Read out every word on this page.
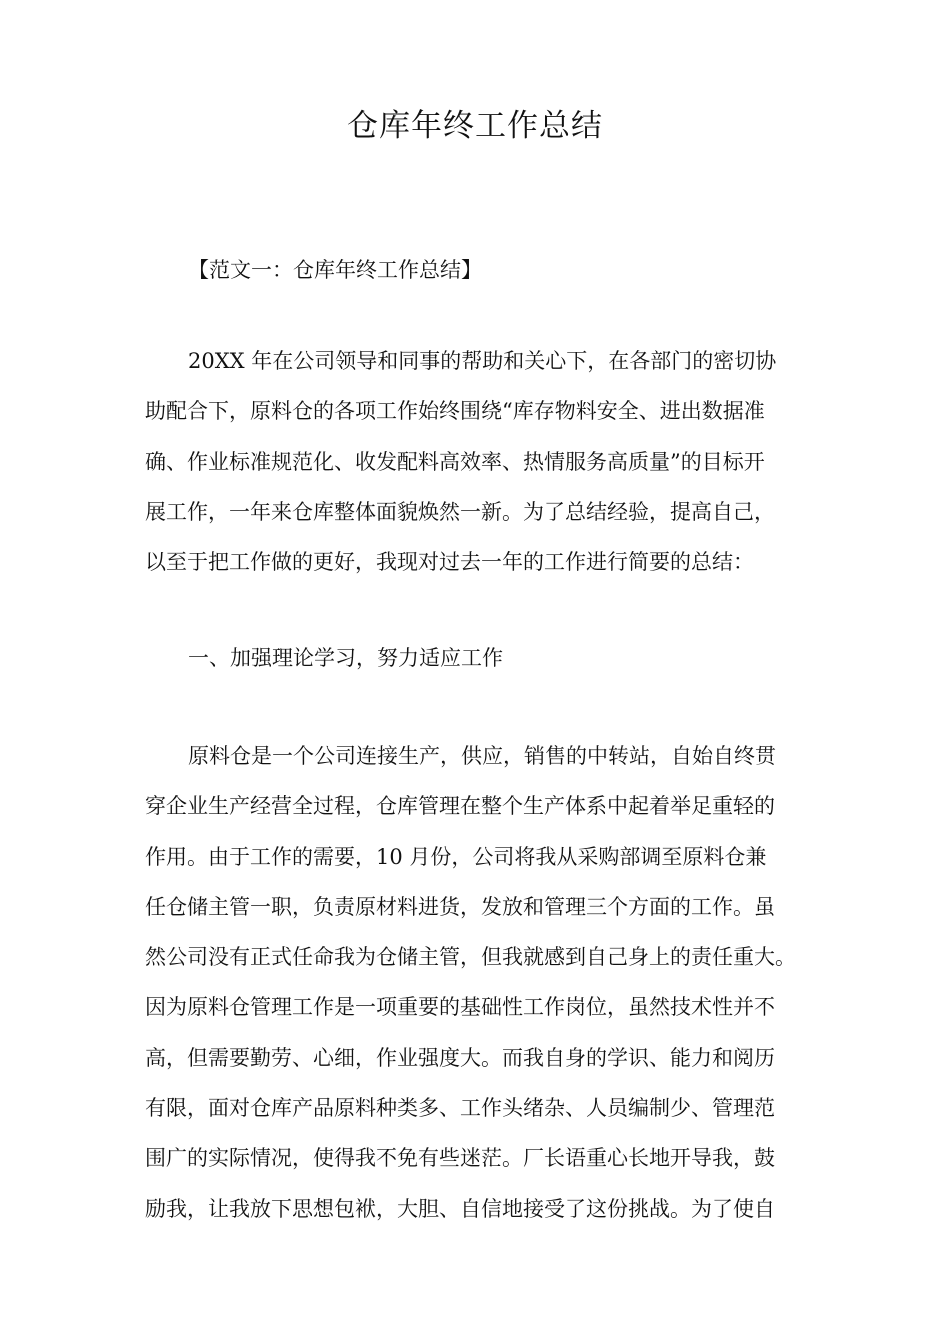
仓库年终工作总结
【范文一：仓库年终工作总结】
20XX 年在公司领导和同事的帮助和关心下，在各部门的密切协
助配合下，原料仓的各项工作始终围绕“库存物料安全、进出数据准
确、作业标准规范化、收发配料高效率、热情服务高质量”的目标开
展工作，一年来仓库整体面貌焕然一新。为了总结经验，提高自己，
以至于把工作做的更好，我现对过去一年的工作进行简要的总结：
一、加强理论学习，努力适应工作
原料仓是一个公司连接生产，供应，销售的中转站，自始自终贯
穿企业生产经营全过程，仓库管理在整个生产体系中起着举足重轻的
作用。由于工作的需要，10 月份，公司将我从采购部调至原料仓兼
任仓储主管一职，负责原材料进货，发放和管理三个方面的工作。虽
然公司没有正式任命我为仓储主管，但我就感到自己身上的责任重大。
因为原料仓管理工作是一项重要的基础性工作岗位，虽然技术性并不
高，但需要勤劳、心细，作业强度大。而我自身的学识、能力和阅历
有限，面对仓库产品原料种类多、工作头绪杂、人员编制少、管理范
围广的实际情况，使得我不免有些迷茫。厂长语重心长地开导我，鼓
励我，让我放下思想包袱，大胆、自信地接受了这份挑战。为了使自
